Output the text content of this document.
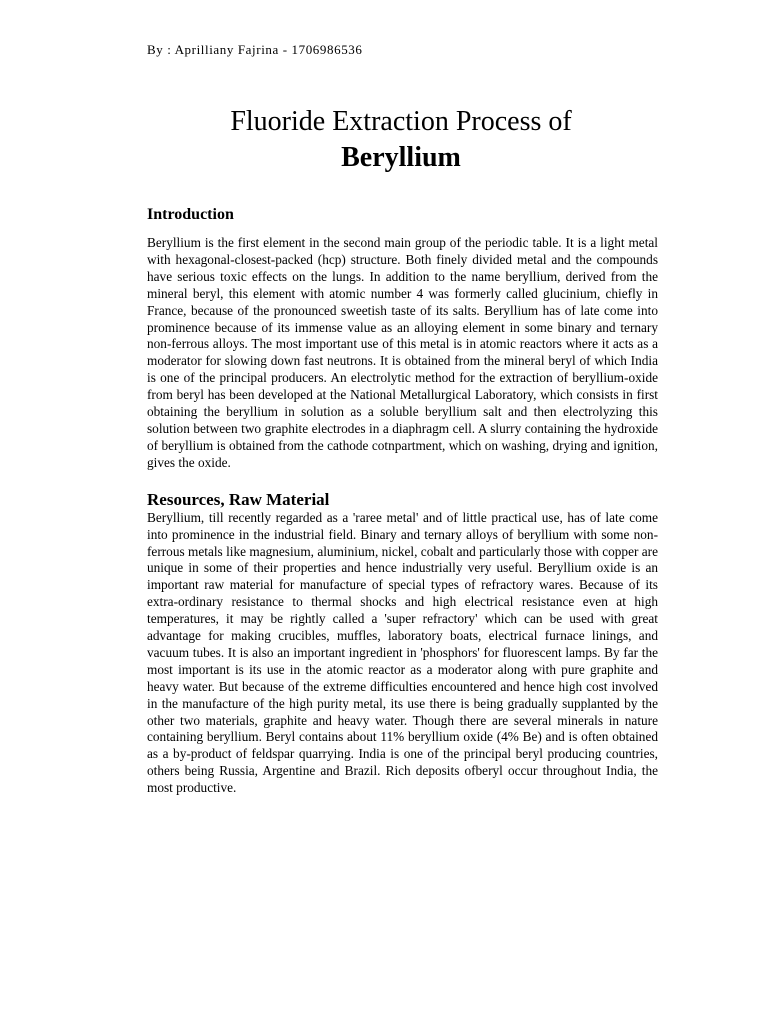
By : Aprilliany Fajrina - 1706986536
Fluoride Extraction Process of
Beryllium
Introduction

Beryllium is the first element in the second main group of the periodic table. It is a light metal with hexagonal-closest-packed (hcp) structure. Both finely divided metal and the compounds have serious toxic effects on the lungs. In addition to the name beryllium, derived from the mineral beryl, this element with atomic number 4 was formerly called glucinium, chiefly in France, because of the pronounced sweetish taste of its salts. Beryllium has of late come into prominence because of its immense value as an alloying element in some binary and ternary non-ferrous alloys. The most important use of this metal is in atomic reactors where it acts as a moderator for slowing down fast neutrons. It is obtained from the mineral beryl of which India is one of the principal producers. An electrolytic method for the extraction of beryllium-oxide from beryl has been developed at the National Metallurgical Laboratory, which consists in first obtaining the beryllium in solution as a soluble beryllium salt and then electrolyzing this solution between two graphite electrodes in a diaphragm cell. A slurry containing the hydroxide of beryllium is obtained from the cathode cotnpartment, which on washing, drying and ignition, gives the oxide.

Resources, Raw Material

Beryllium, till recently regarded as a 'raree metal' and of little practical use, has of late come into prominence in the industrial field. Binary and ternary alloys of beryllium with some non-ferrous metals like magnesium, aluminium, nickel, cobalt and particularly those with copper are unique in some of their properties and hence industrially very useful. Beryllium oxide is an important raw material for manufacture of special types of refractory wares. Because of its extra-ordinary resistance to thermal shocks and high electrical resistance even at high temperatures, it may be rightly called a 'super refractory' which can be used with great advantage for making crucibles, muffles, laboratory boats, electrical furnace linings, and vacuum tubes. It is also an important ingredient in 'phosphors' for fluorescent lamps. By far the most important is its use in the atomic reactor as a moderator along with pure graphite and heavy water. But because of the extreme difficulties encountered and hence high cost involved in the manufacture of the high purity metal, its use there is being gradually supplanted by the other two materials, graphite and heavy water. Though there are several minerals in nature containing beryllium. Beryl contains about 11% beryllium oxide (4% Be) and is often obtained as a by-product of feldspar quarrying. India is one of the principal beryl producing countries, others being Russia, Argentine and Brazil. Rich deposits ofberyl occur throughout India, the most productive.
